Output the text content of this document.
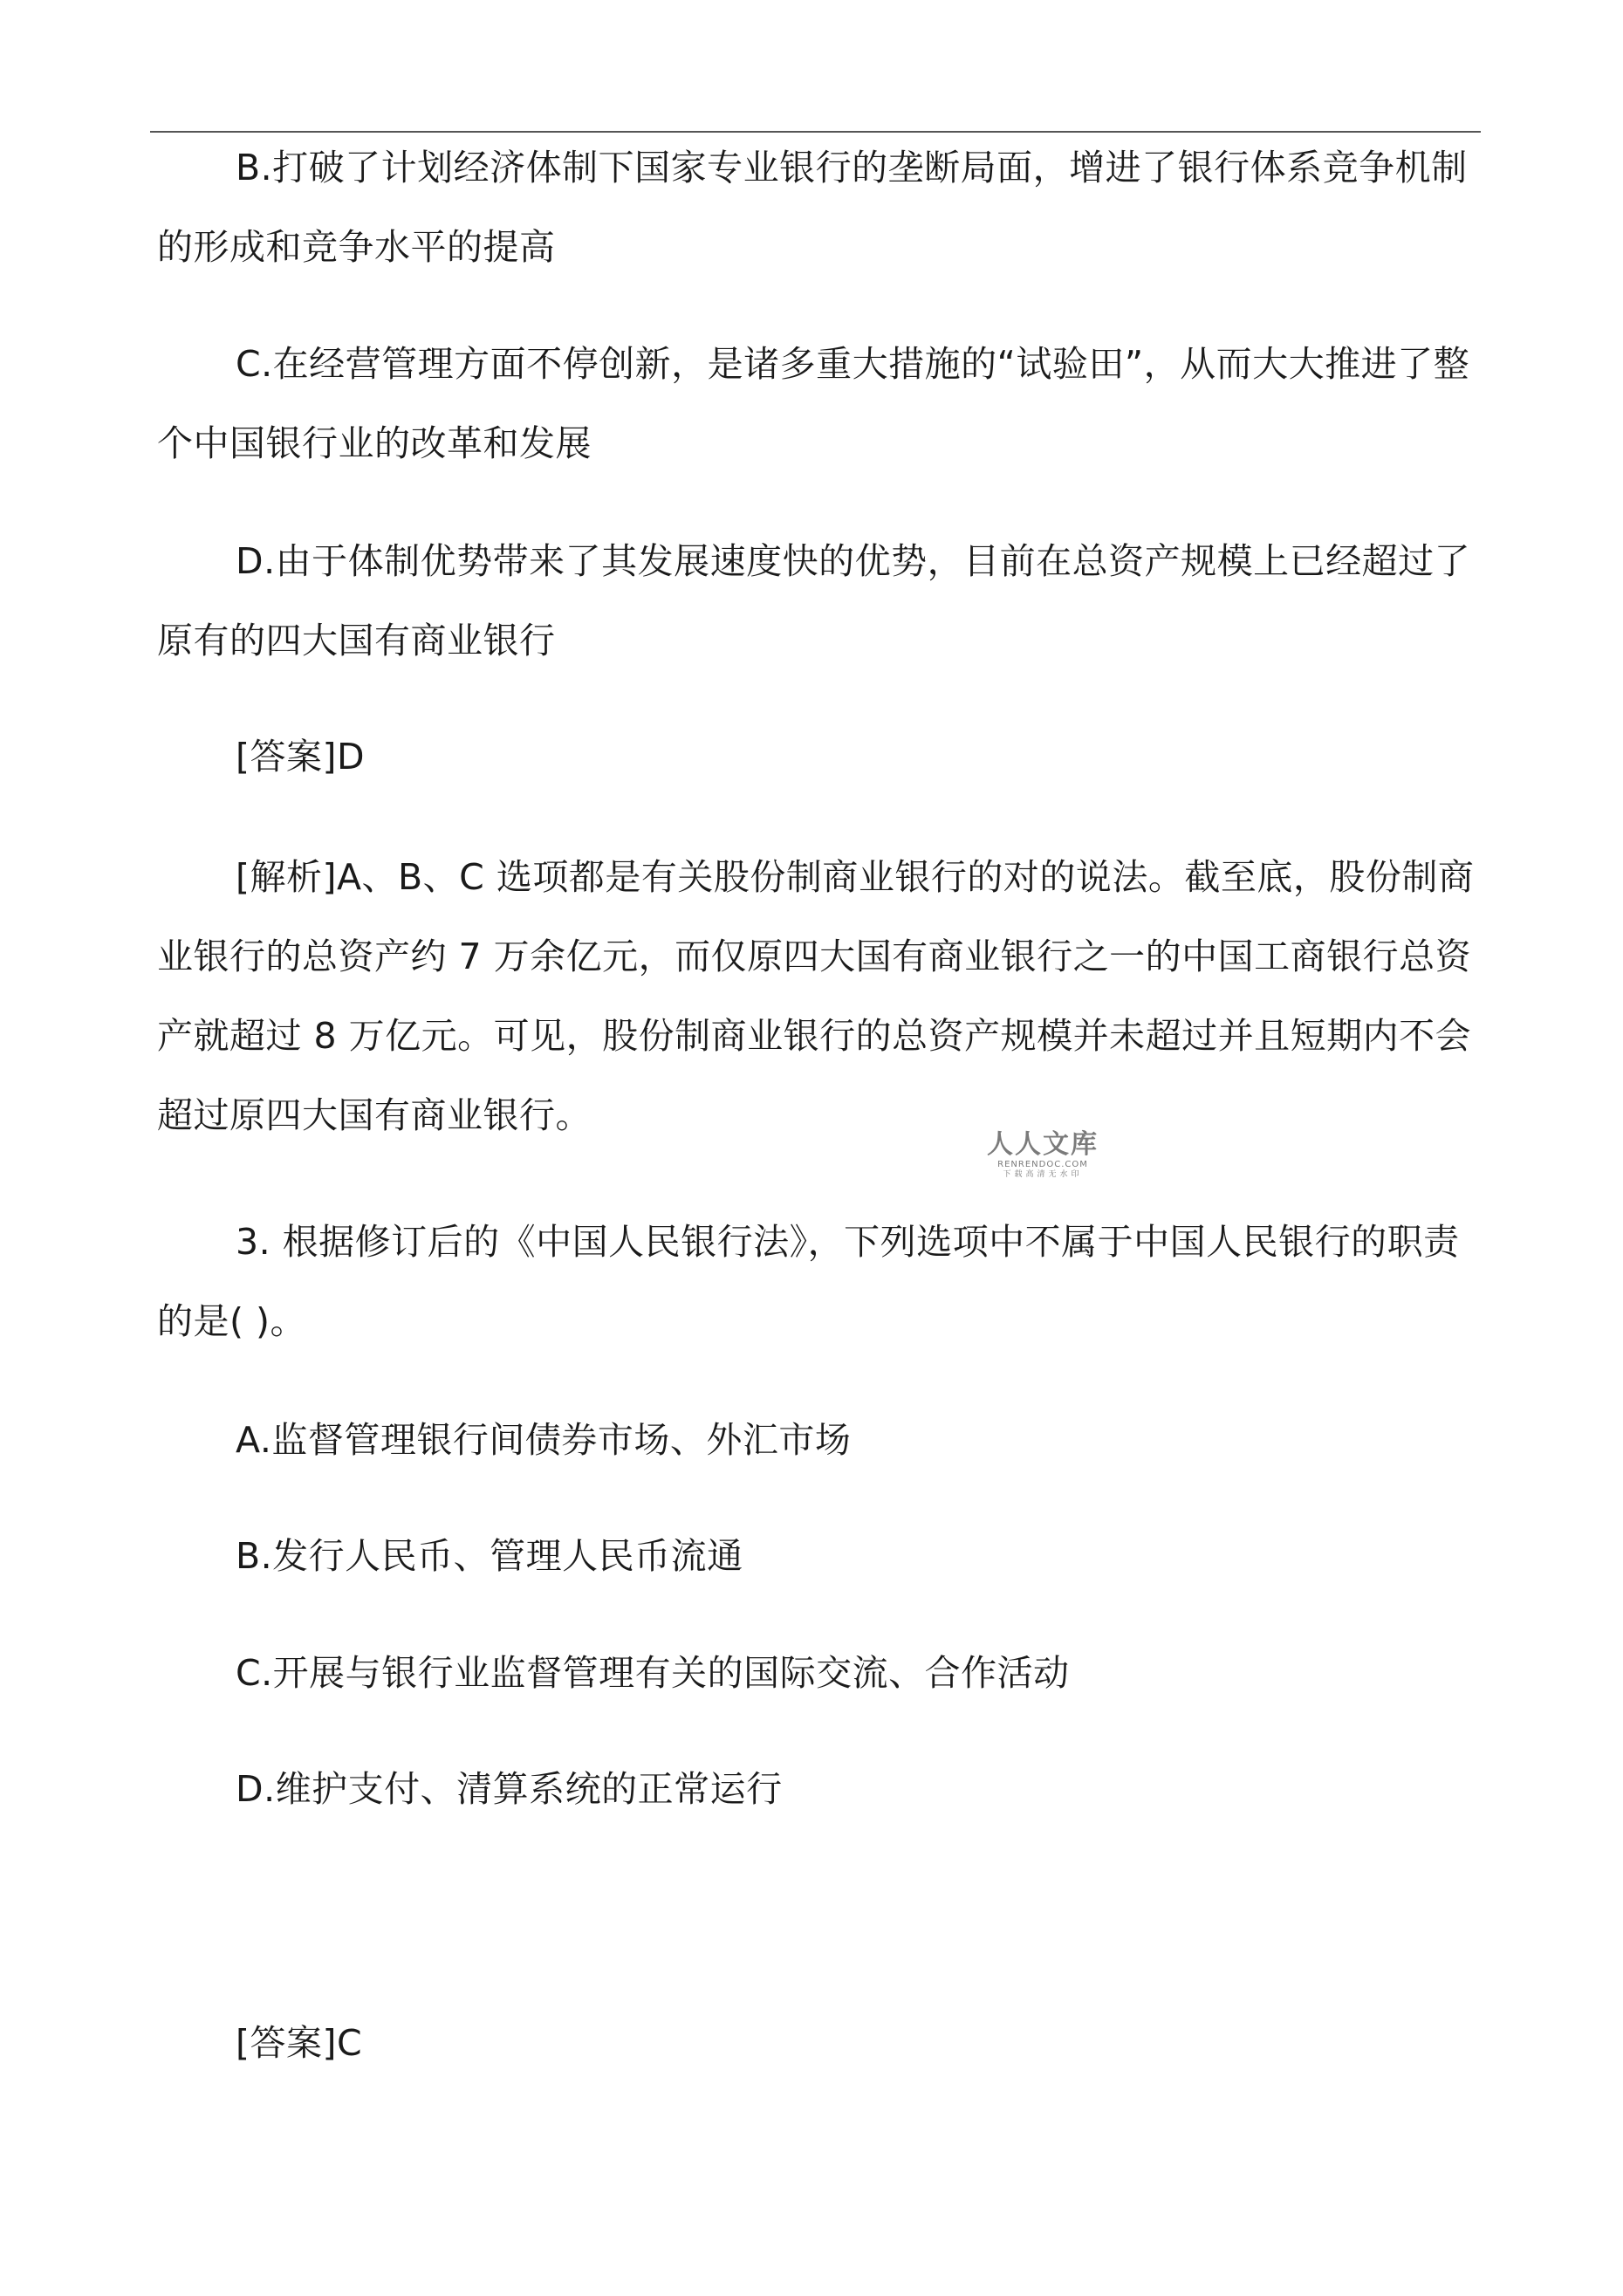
B.打破了计划经济体制下国家专业银行的垄断局面，增进了银行体系竞争机制的形成和竞争水平的提高

C.在经营管理方面不停创新，是诸多重大措施的“试验田”，从而大大推进了整个中国银行业的改革和发展

D.由于体制优势带来了其发展速度快的优势，目前在总资产规模上已经超过了原有的四大国有商业银行

[答案]D

[解析]A、B、C 选项都是有关股份制商业银行的对的说法。截至底，股份制商业银行的总资产约 7 万余亿元，而仅原四大国有商业银行之一的中国工商银行总资产就超过 8 万亿元。可见，股份制商业银行的总资产规模并未超过并且短期内不会超过原四大国有商业银行。

3. 根据修订后的《中国人民银行法》，下列选项中不属于中国人民银行的职责的是( )。

A.监督管理银行间债券市场、外汇市场

B.发行人民币、管理人民币流通

C.开展与银行业监督管理有关的国际交流、合作活动

D.维护支付、清算系统的正常运行

[答案]C

人人文库
RENRENDOC.COM
下载高清无水印
